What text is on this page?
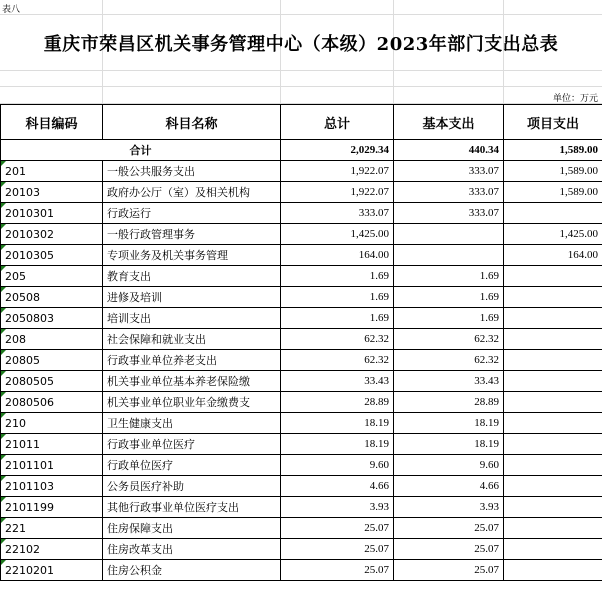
表八
重庆市荣昌区机关事务管理中心（本级）2023年部门支出总表
单位：万元
科目编码	科目名称	总计	基本支出	项目支出
合计		2,029.34	440.34	1,589.00
201	一般公共服务支出	1,922.07	333.07	1,589.00
20103	政府办公厅（室）及相关机构	1,922.07	333.07	1,589.00
2010301	行政运行	333.07	333.07	
2010302	一般行政管理事务	1,425.00		1,425.00
2010305	专项业务及机关事务管理	164.00		164.00
205	教育支出	1.69	1.69	
20508	进修及培训	1.69	1.69	
2050803	培训支出	1.69	1.69	
208	社会保障和就业支出	62.32	62.32	
20805	行政事业单位养老支出	62.32	62.32	
2080505	机关事业单位基本养老保险缴	33.43	33.43	
2080506	机关事业单位职业年金缴费支	28.89	28.89	
210	卫生健康支出	18.19	18.19	
21011	行政事业单位医疗	18.19	18.19	
2101101	行政单位医疗	9.60	9.60	
2101103	公务员医疗补助	4.66	4.66	
2101199	其他行政事业单位医疗支出	3.93	3.93	
221	住房保障支出	25.07	25.07	
22102	住房改革支出	25.07	25.07	
2210201	住房公积金	25.07	25.07	
